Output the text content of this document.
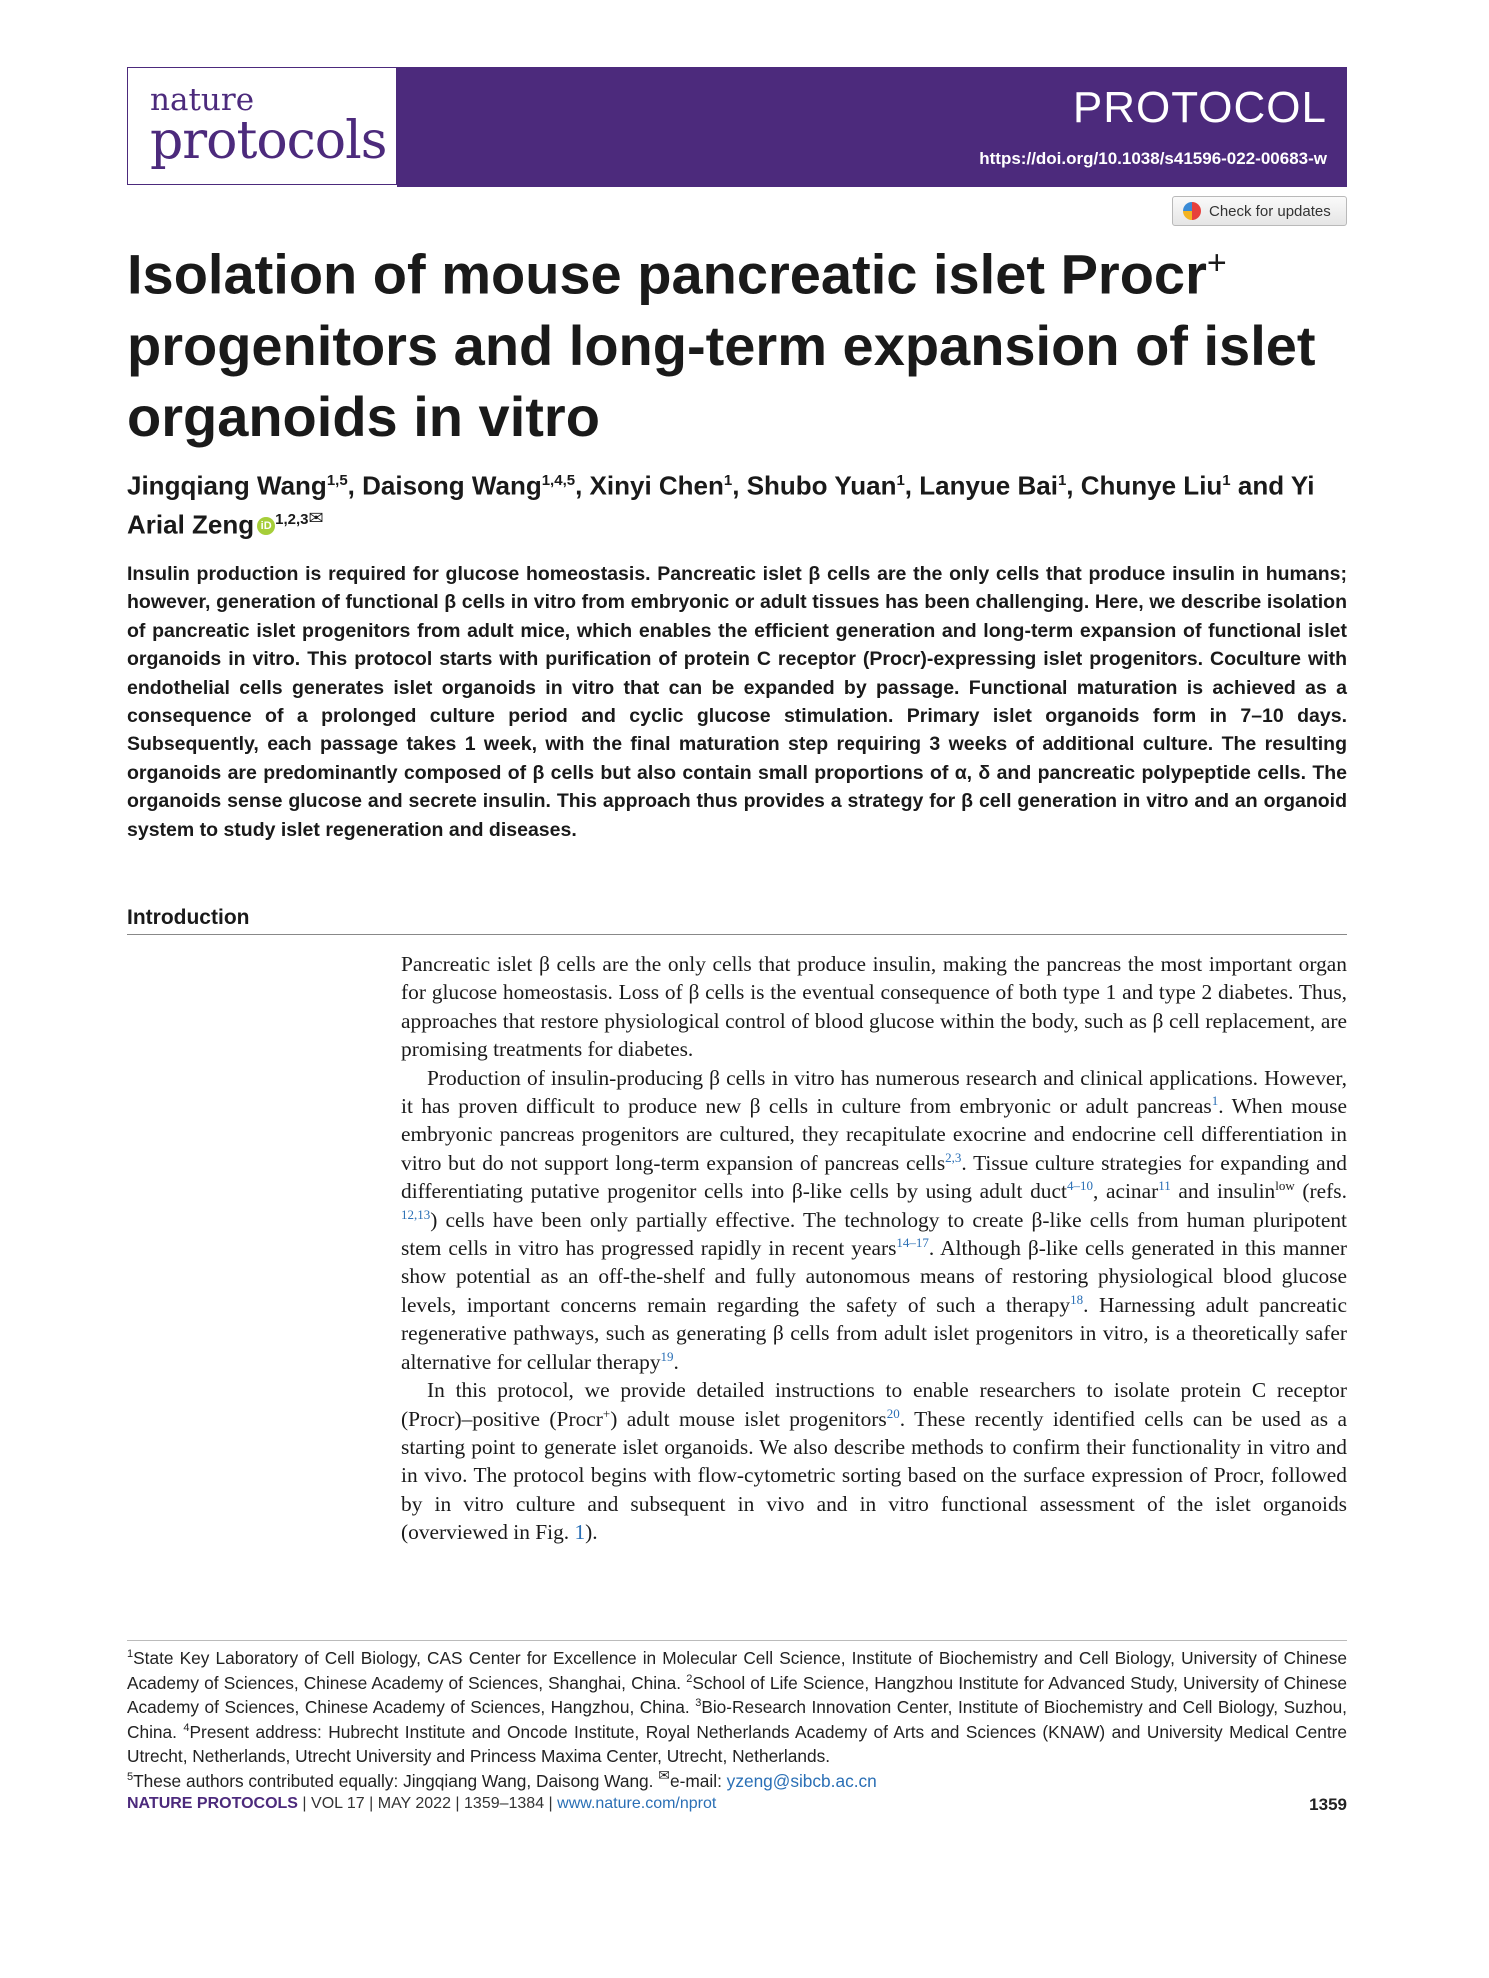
nature
protocols
PROTOCOL
https://doi.org/10.1038/s41596-022-00683-w
Check for updates
Isolation of mouse pancreatic islet Procr+ progenitors and long-term expansion of islet organoids in vitro
Jingqiang Wang$^{1,5}$, Daisong Wang$^{1,4,5}$, Xinyi Chen$^1$, Shubo Yuan$^1$, Lanyue Bai$^1$, Chunye Liu$^1$ and Yi Arial Zeng iD $^{1,2,3✉}$
Insulin production is required for glucose homeostasis. Pancreatic islet β cells are the only cells that produce insulin in humans; however, generation of functional β cells in vitro from embryonic or adult tissues has been challenging. Here, we describe isolation of pancreatic islet progenitors from adult mice, which enables the efficient generation and long-term expansion of functional islet organoids in vitro. This protocol starts with purification of protein C receptor (Procr)-expressing islet progenitors. Coculture with endothelial cells generates islet organoids in vitro that can be expanded by passage. Functional maturation is achieved as a consequence of a prolonged culture period and cyclic glucose stimulation. Primary islet organoids form in 7–10 days. Subsequently, each passage takes 1 week, with the final maturation step requiring 3 weeks of additional culture. The resulting organoids are predominantly composed of β cells but also contain small proportions of α, δ and pancreatic polypeptide cells. The organoids sense glucose and secrete insulin. This approach thus provides a strategy for β cell generation in vitro and an organoid system to study islet regeneration and diseases.
Introduction

Pancreatic islet β cells are the only cells that produce insulin, making the pancreas the most important organ for glucose homeostasis. Loss of β cells is the eventual consequence of both type 1 and type 2 diabetes. Thus, approaches that restore physiological control of blood glucose within the body, such as β cell replacement, are promising treatments for diabetes.

Production of insulin-producing β cells in vitro has numerous research and clinical applications. However, it has proven difficult to produce new β cells in culture from embryonic or adult pancreas$^1$. When mouse embryonic pancreas progenitors are cultured, they recapitulate exocrine and endocrine cell differentiation in vitro but do not support long-term expansion of pancreas cells$^{2,3}$. Tissue culture strategies for expanding and differentiating putative progenitor cells into β-like cells by using adult duct$^{4-10}$, acinar$^{11}$ and insulin$^{low}$ (refs. $^{12,13}$) cells have been only partially effective. The technology to create β-like cells from human pluripotent stem cells in vitro has progressed rapidly in recent years$^{14-17}$. Although β-like cells generated in this manner show potential as an off-the-shelf and fully autonomous means of restoring physiological blood glucose levels, important concerns remain regarding the safety of such a therapy$^{18}$. Harnessing adult pancreatic regenerative pathways, such as generating β cells from adult islet progenitors in vitro, is a theoretically safer alternative for cellular therapy$^{19}$.

In this protocol, we provide detailed instructions to enable researchers to isolate protein C receptor (Procr)–positive (Procr+) adult mouse islet progenitors$^{20}$. These recently identified cells can be used as a starting point to generate islet organoids. We also describe methods to confirm their functionality in vitro and in vivo. The protocol begins with flow-cytometric sorting based on the surface expression of Procr, followed by in vitro culture and subsequent in vivo and in vitro functional assessment of the islet organoids (overviewed in Fig. 1).

$^1$State Key Laboratory of Cell Biology, CAS Center for Excellence in Molecular Cell Science, Institute of Biochemistry and Cell Biology, University of Chinese Academy of Sciences, Chinese Academy of Sciences, Shanghai, China. $^2$School of Life Science, Hangzhou Institute for Advanced Study, University of Chinese Academy of Sciences, Chinese Academy of Sciences, Hangzhou, China. $^3$Bio-Research Innovation Center, Institute of Biochemistry and Cell Biology, Suzhou, China. $^4$Present address: Hubrecht Institute and Oncode Institute, Royal Netherlands Academy of Arts and Sciences (KNAW) and University Medical Centre Utrecht, Netherlands, Utrecht University and Princess Maxima Center, Utrecht, Netherlands.
$^5$These authors contributed equally: Jingqiang Wang, Daisong Wang. ✉e-mail: yzeng@sibcb.ac.cn
NATURE PROTOCOLS | VOL 17 | MAY 2022 | 1359–1384 | www.nature.com/nprot	1359
